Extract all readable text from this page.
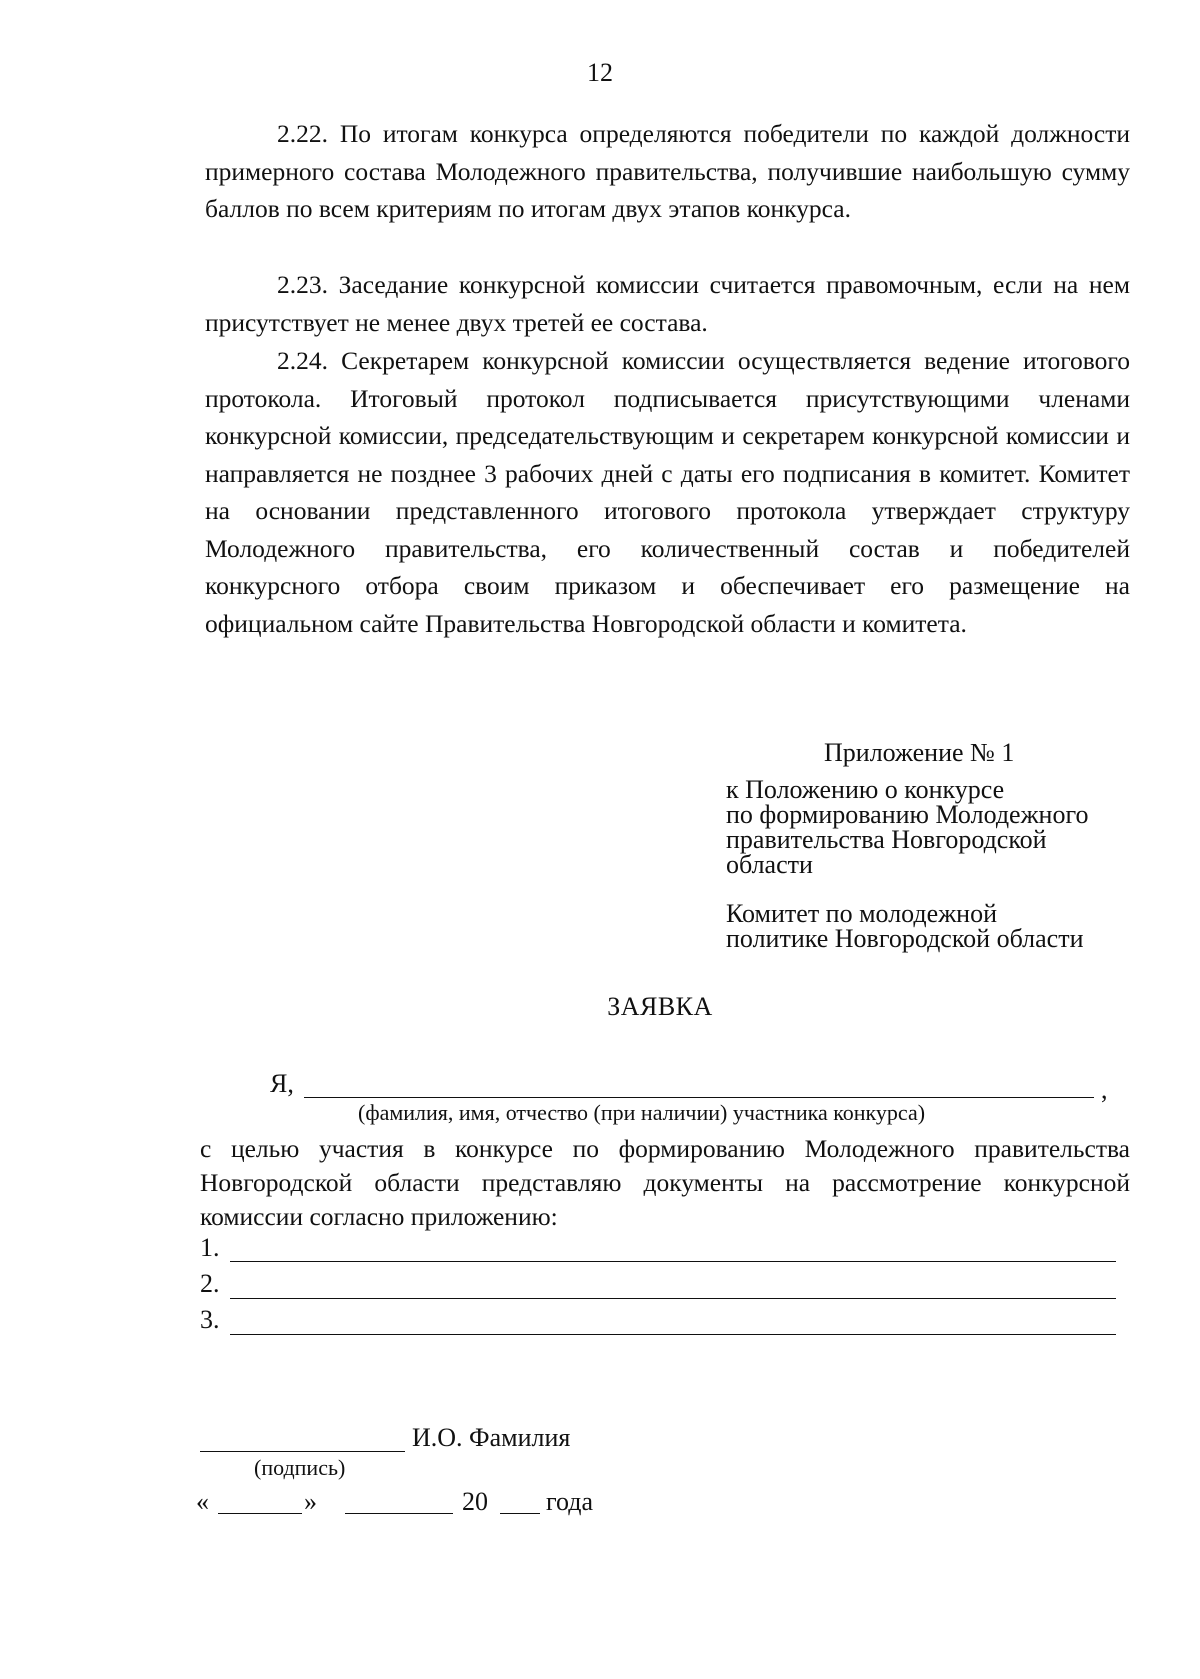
12

2.22. По итогам конкурса определяются победители по каждой должности примерного состава Молодежного правительства, получившие наибольшую сумму баллов по всем критериям по итогам двух этапов конкурса.

2.23. Заседание конкурсной комиссии считается правомочным, если на нем присутствует не менее двух третей ее состава.

2.24. Секретарем конкурсной комиссии осуществляется ведение итогового протокола. Итоговый протокол подписывается присутствующими членами конкурсной комиссии, председательствующим и секретарем конкурсной комиссии и направляется не позднее 3 рабочих дней с даты его подписания в комитет. Комитет на основании представленного итогового протокола утверждает структуру Молодежного правительства, его количественный состав и победителей конкурсного отбора своим приказом и обеспечивает его размещение на официальном сайте Правительства Новгородской области и комитета.

Приложение № 1
к Положению о конкурсе
по формированию Молодежного
правительства Новгородской
области
Комитет по молодежной
политике Новгородской области
ЗАЯВКА
Я,	,
(фамилия, имя, отчество (при наличии) участника конкурса)
с целью участия в конкурсе по формированию Молодежного правительства Новгородской области представляю документы на рассмотрение конкурсной комиссии согласно приложению:
1.
2.
3.
И.О. Фамилия
(подпись)
«	»	20 года
